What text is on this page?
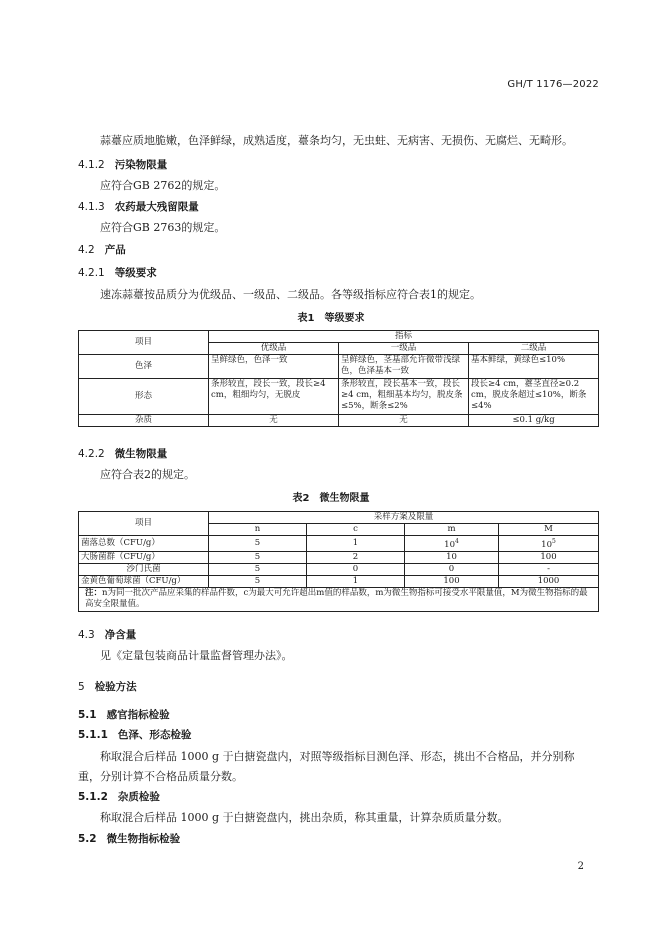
GH/T 1176—2022
蒜薹应质地脆嫩，色泽鲜绿，成熟适度，薹条均匀，无虫蛀、无病害、无损伤、无腐烂、无畸形。
4.1.2 污染物限量
应符合GB 2762的规定。
4.1.3 农药最大残留限量
应符合GB 2763的规定。
4.2 产品
4.2.1 等级要求
速冻蒜薹按品质分为优级品、一级品、二级品。各等级指标应符合表1的规定。
表1　等级要求
项目	指标		
	优级品	一级品	二级品
色泽	呈鲜绿色，色泽一致	呈鲜绿色，茎基部允许微带浅绿色，色泽基本一致	基本鲜绿，黄绿色≤10%
形态	条形较直，段长一致，段长≥4 cm，粗细均匀，无脱皮	条形较直，段长基本一致，段长≥4 cm，粗细基本均匀，脱皮条≤5%，断条≤2%	段长≥4 cm，薹茎直径≥0.2 cm，脱皮条超过≤10%，断条≤4%
杂质	无	无	≤0.1 g/kg
4.2.2 微生物限量
应符合表2的规定。
表2　微生物限量
项目	采样方案及限量			
	n	c	m	M
菌落总数（CFU/g）	5	1	$10^4$	$10^5$
大肠菌群（CFU/g）	5	2	10	100
沙门氏菌	5	0	0	-
金黄色葡萄球菌（CFU/g）	5	1	100	1000
注：n为同一批次产品应采集的样品件数，c为最大可允许超出m值的样品数，m为微生物指标可接受水平限量值，M为微生物指标的最高安全限量值。				
4.3 净含量
见《定量包装商品计量监督管理办法》。
5 检验方法
5.1 感官指标检验
5.1.1 色泽、形态检验
称取混合后样品 1000 g 于白搪瓷盘内，对照等级指标目测色泽、形态，挑出不合格品，并分别称重，分别计算不合格品质量分数。
5.1.2 杂质检验
称取混合后样品 1000 g 于白搪瓷盘内，挑出杂质，称其重量，计算杂质质量分数。
5.2 微生物指标检验
2
